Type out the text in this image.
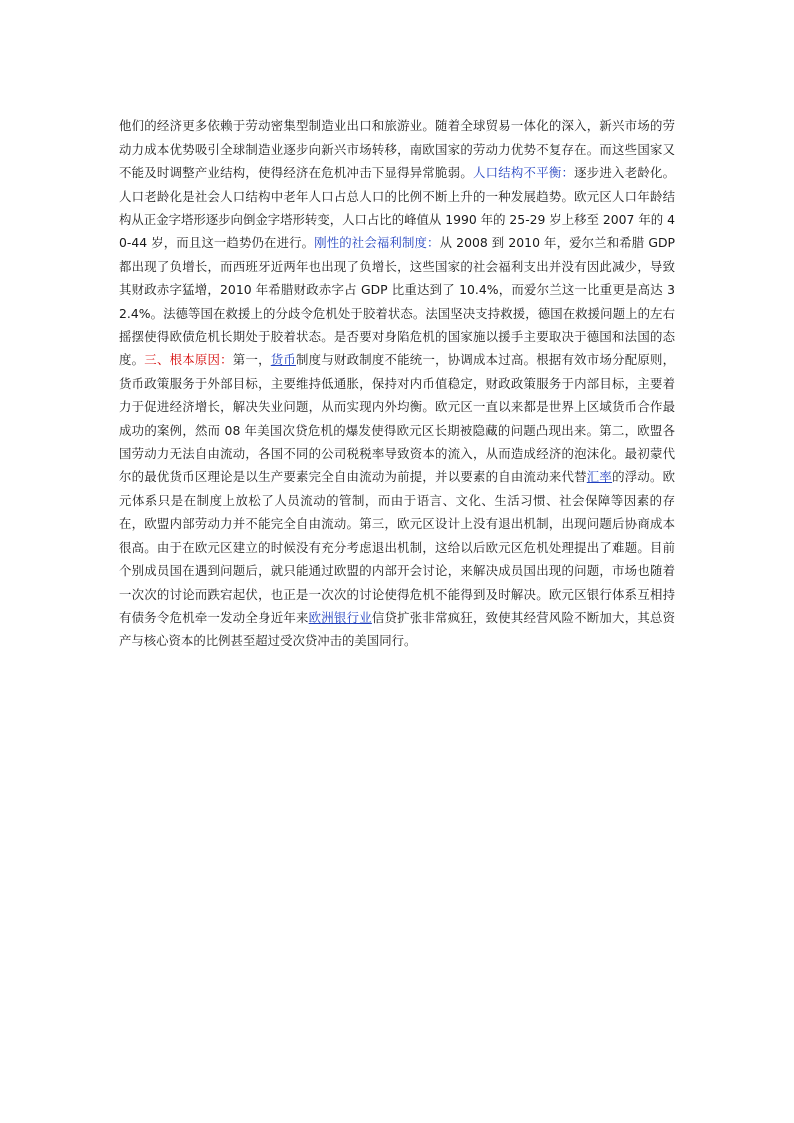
他们的经济更多依赖于劳动密集型制造业出口和旅游业。随着全球贸易一体化的深入，新兴市场的劳动力成本优势吸引全球制造业逐步向新兴市场转移，南欧国家的劳动力优势不复存在。而这些国家又不能及时调整产业结构，使得经济在危机冲击下显得异常脆弱。人口结构不平衡：逐步进入老龄化。人口老龄化是社会人口结构中老年人口占总人口的比例不断上升的一种发展趋势。欧元区人口年龄结构从正金字塔形逐步向倒金字塔形转变，人口占比的峰值从 1990 年的 25-29 岁上移至 2007 年的 40-44 岁，而且这一趋势仍在进行。刚性的社会福利制度：从 2008 到 2010 年，爱尔兰和希腊 GDP 都出现了负增长，而西班牙近两年也出现了负增长，这些国家的社会福利支出并没有因此减少，导致其财政赤字猛增，2010 年希腊财政赤字占 GDP 比重达到了 10.4%，而爱尔兰这一比重更是高达 32.4%。法德等国在救援上的分歧令危机处于胶着状态。法国坚决支持救援，德国在救援问题上的左右摇摆使得欧债危机长期处于胶着状态。是否要对身陷危机的国家施以援手主要取决于德国和法国的态度。三、根本原因：第一，货币制度与财政制度不能统一，协调成本过高。根据有效市场分配原则，货币政策服务于外部目标，主要维持低通胀，保持对内币值稳定，财政政策服务于内部目标，主要着力于促进经济增长，解决失业问题，从而实现内外均衡。欧元区一直以来都是世界上区域货币合作最成功的案例，然而 08 年美国次贷危机的爆发使得欧元区长期被隐藏的问题凸现出来。第二，欧盟各国劳动力无法自由流动，各国不同的公司税税率导致资本的流入，从而造成经济的泡沫化。最初蒙代尔的最优货币区理论是以生产要素完全自由流动为前提，并以要素的自由流动来代替汇率的浮动。欧元体系只是在制度上放松了人员流动的管制，而由于语言、文化、生活习惯、社会保障等因素的存在，欧盟内部劳动力并不能完全自由流动。第三，欧元区设计上没有退出机制，出现问题后协商成本很高。由于在欧元区建立的时候没有充分考虑退出机制，这给以后欧元区危机处理提出了难题。目前个别成员国在遇到问题后，就只能通过欧盟的内部开会讨论，来解决成员国出现的问题，市场也随着一次次的讨论而跌宕起伏，也正是一次次的讨论使得危机不能得到及时解决。欧元区银行体系互相持有债务令危机牵一发动全身近年来欧洲银行业信贷扩张非常疯狂，致使其经营风险不断加大，其总资产与核心资本的比例甚至超过受次贷冲击的美国同行。
